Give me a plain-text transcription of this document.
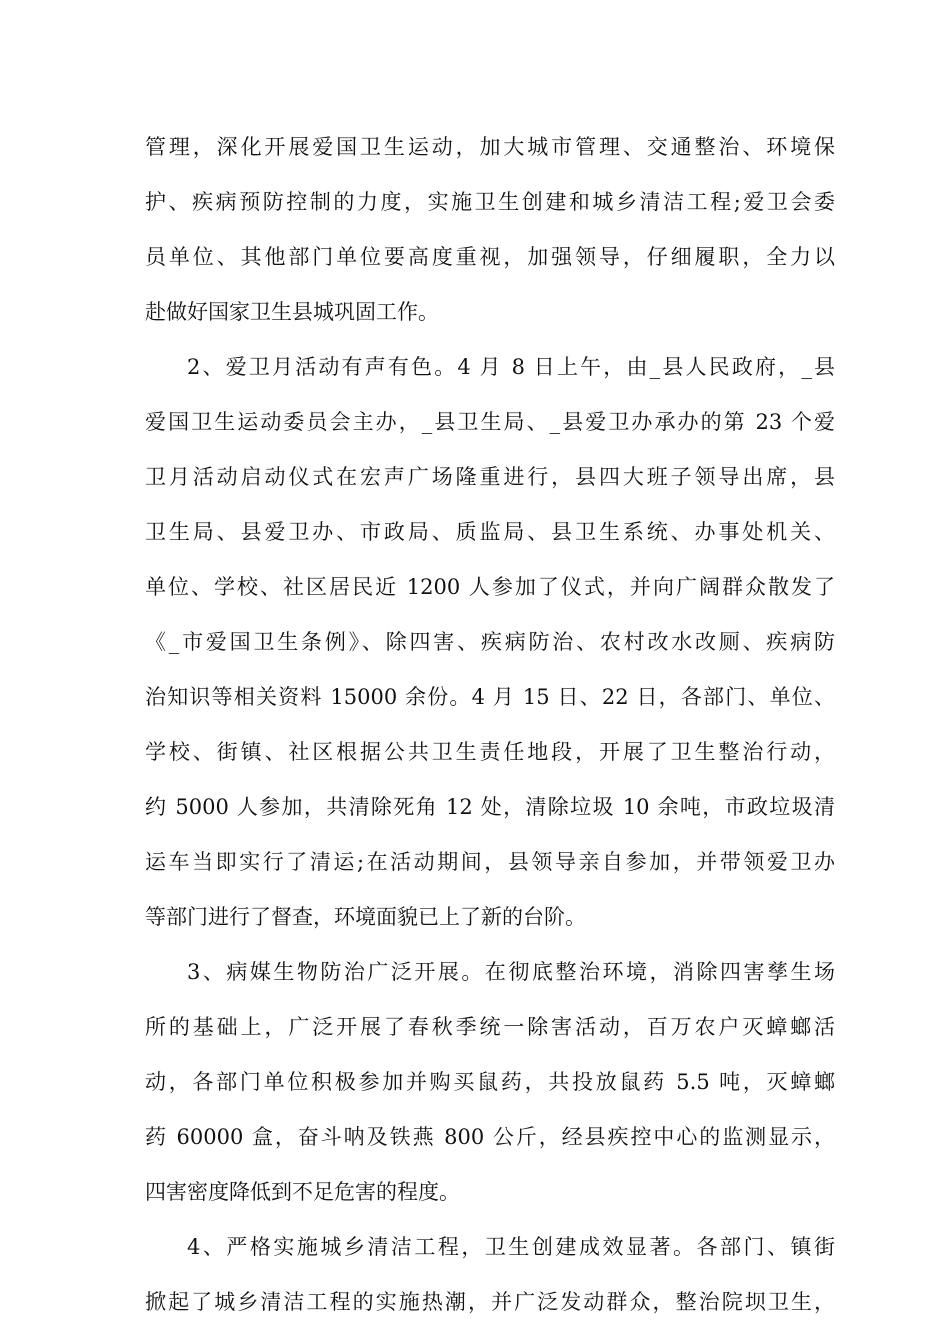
管理，深化开展爱国卫生运动，加大城市管理、交通整治、环境保
护、疾病预防控制的力度，实施卫生创建和城乡清洁工程;爱卫会委
员单位、其他部门单位要高度重视，加强领导，仔细履职，全力以
赴做好国家卫生县城巩固工作。
2、爱卫月活动有声有色。4 月 8 日上午，由_县人民政府，_县
爱国卫生运动委员会主办，_县卫生局、_县爱卫办承办的第 23 个爱
卫月活动启动仪式在宏声广场隆重进行，县四大班子领导出席，县
卫生局、县爱卫办、市政局、质监局、县卫生系统、办事处机关、
单位、学校、社区居民近 1200 人参加了仪式，并向广阔群众散发了
《_市爱国卫生条例》、除四害、疾病防治、农村改水改厕、疾病防
治知识等相关资料 15000 余份。4 月 15 日、22 日，各部门、单位、
学校、街镇、社区根据公共卫生责任地段，开展了卫生整治行动，
约 5000 人参加，共清除死角 12 处，清除垃圾 10 余吨，市政垃圾清
运车当即实行了清运;在活动期间，县领导亲自参加，并带领爱卫办
等部门进行了督查，环境面貌已上了新的台阶。
3、病媒生物防治广泛开展。在彻底整治环境，消除四害孳生场
所的基础上，广泛开展了春秋季统一除害活动，百万农户灭蟑螂活
动，各部门单位积极参加并购买鼠药，共投放鼠药 5.5 吨，灭蟑螂
药 60000 盒，奋斗呐及铁燕 800 公斤，经县疾控中心的监测显示，
四害密度降低到不足危害的程度。
4、严格实施城乡清洁工程，卫生创建成效显著。各部门、镇街
掀起了城乡清洁工程的实施热潮，并广泛发动群众，整治院坝卫生，
